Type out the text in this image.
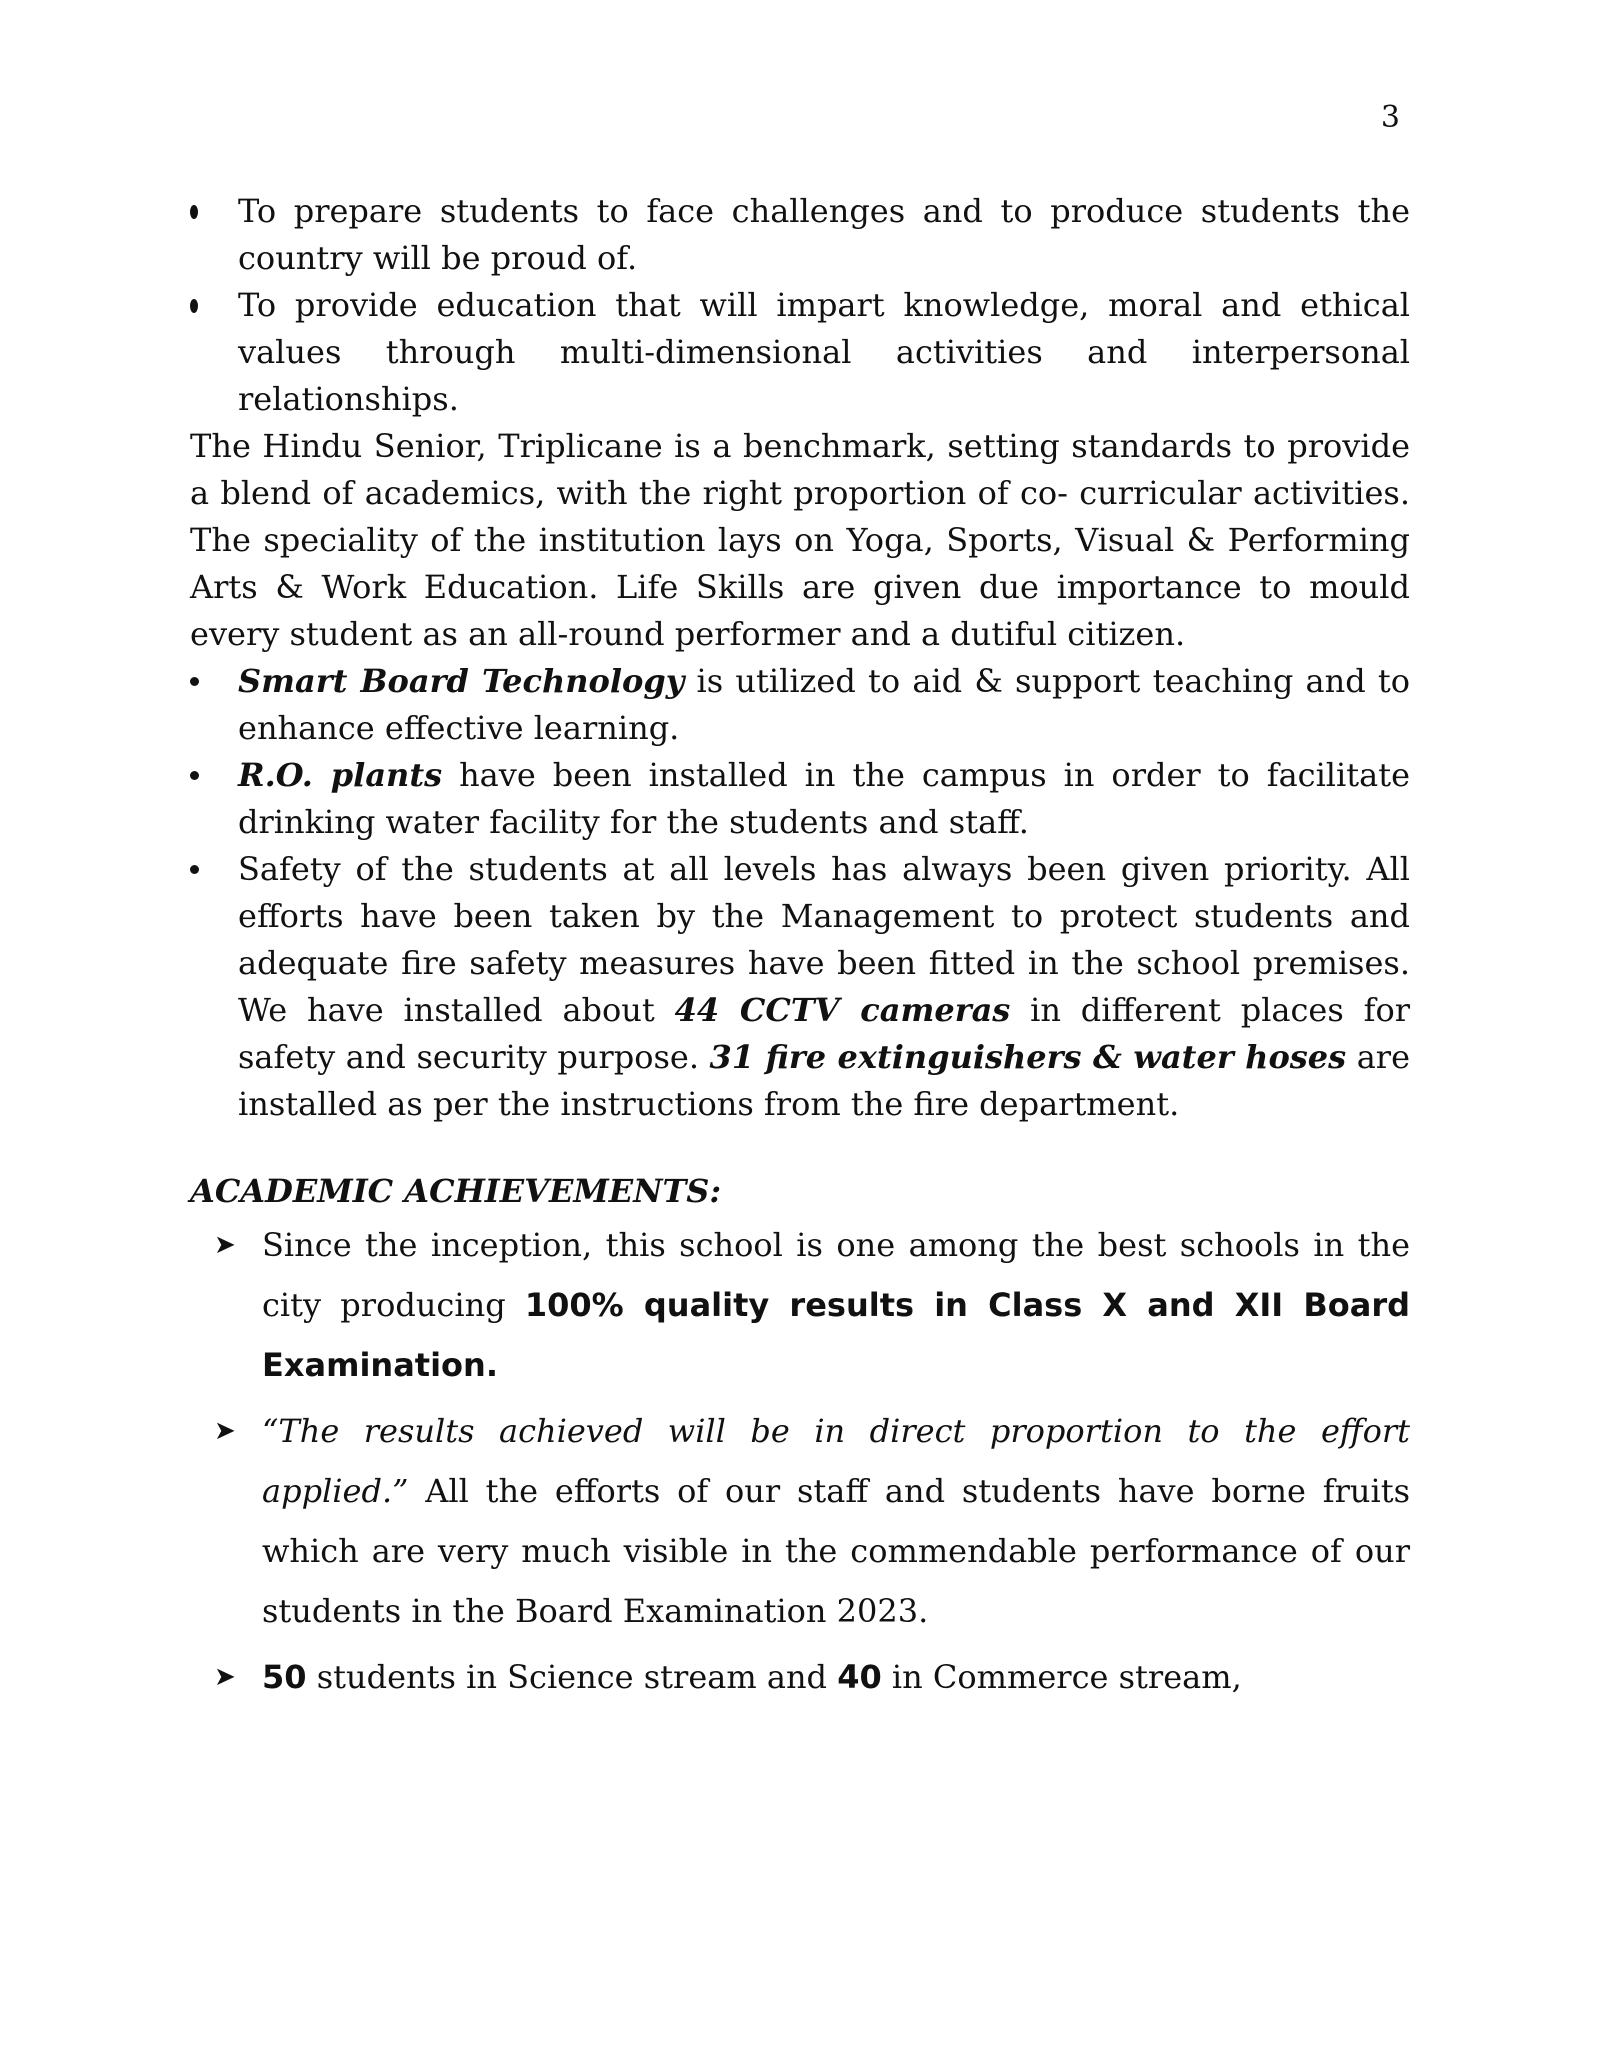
3
To prepare students to face challenges and to produce students the country will be proud of.
To provide education that will impart knowledge, moral and ethical values through multi-dimensional activities and interpersonal relationships.

The Hindu Senior, Triplicane is a benchmark, setting standards to provide a blend of academics, with the right proportion of co- curricular activities. The speciality of the institution lays on Yoga, Sports, Visual & Performing Arts & Work Education. Life Skills are given due importance to mould every student as an all-round performer and a dutiful citizen.

Smart Board Technology is utilized to aid & support teaching and to enhance effective learning.
R.O. plants have been installed in the campus in order to facilitate drinking water facility for the students and staff.
Safety of the students at all levels has always been given priority. All efforts have been taken by the Management to protect students and adequate fire safety measures have been fitted in the school premises. We have installed about 44 CCTV cameras in different places for safety and security purpose. 31 fire extinguishers & water hoses are installed as per the instructions from the fire department.
ACADEMIC ACHIEVEMENTS:
➤ Since the inception, this school is one among the best schools in the city producing 100% quality results in Class X and XII Board Examination.
➤ “The results achieved will be in direct proportion to the effort applied.” All the efforts of our staff and students have borne fruits which are very much visible in the commendable performance of our students in the Board Examination 2023.
➤ 50 students in Science stream and 40 in Commerce stream,
